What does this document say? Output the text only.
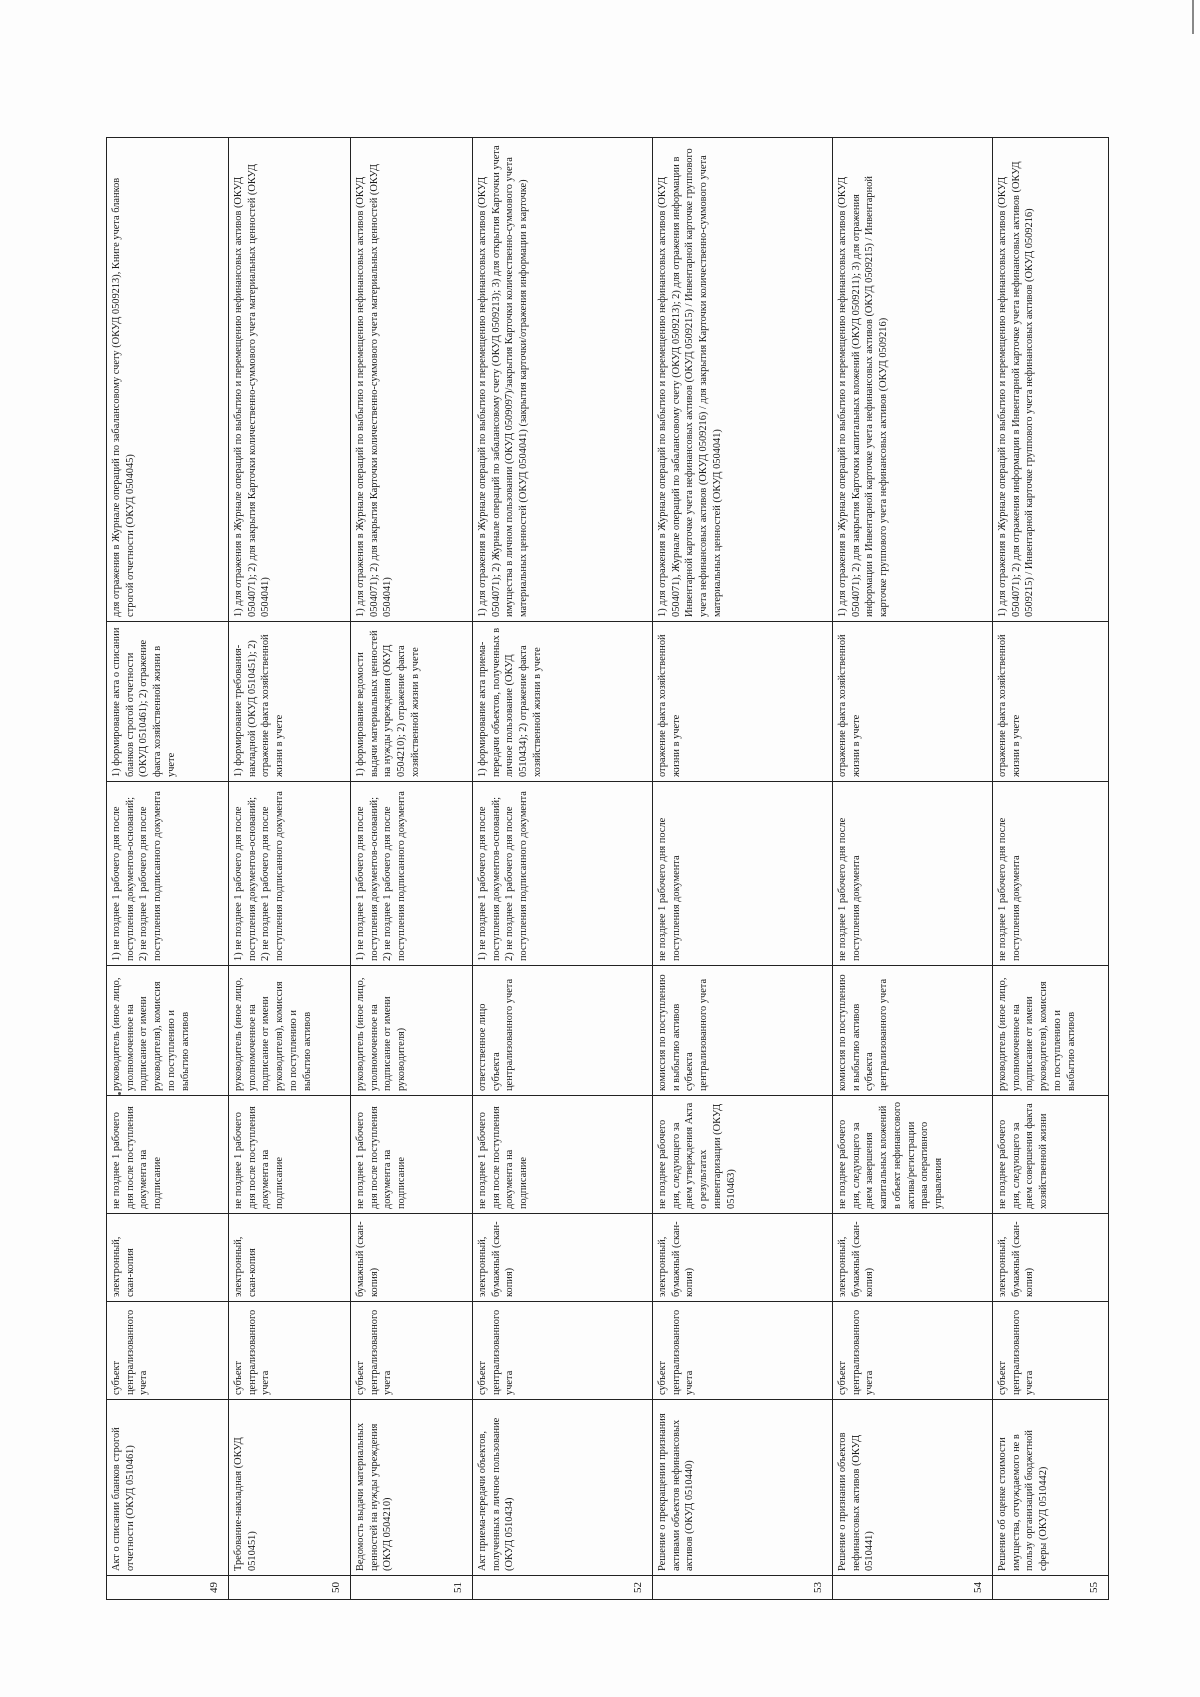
49	Акт о списании бланков строгой отчетности (ОКУД 0510461)	субъект централизованного учета	электронный, скан-копия	не позднее 1 рабочего дня после поступления документа на подписание	руководитель (иное лицо, уполномоченное на подписание от имени руководителя), комиссия по поступлению и выбытию активов	1) не позднее 1 рабочего дня после поступления документов-оснований; 2) не позднее 1 рабочего дня после поступления подписанного документа	1) формирование акта о списании бланков строгой отчетности (ОКУД 0510461); 2) отражение факта хозяйственной жизни в учете	для отражения в Журнале операций по забалансовому счету (ОКУД 0509213), Книге учета бланков строгой отчетности (ОКУД 0504045)
50	Требование-накладная (ОКУД 0510451)	субъект централизованного учета	электронный, скан-копия	не позднее 1 рабочего дня после поступления документа на подписание	руководитель (иное лицо, уполномоченное на подписание от имени руководителя), комиссия по поступлению и выбытию активов	1) не позднее 1 рабочего дня после поступления документов-оснований; 2) не позднее 1 рабочего дня после поступления подписанного документа	1) формирование требования-накладной (ОКУД 0510451); 2) отражение факта хозяйственной жизни в учете	1) для отражения в Журнале операций по выбытию и перемещению нефинансовых активов (ОКУД 0504071); 2) для закрытия Карточки количественно-суммового учета материальных ценностей (ОКУД 0504041)
51	Ведомость выдачи материальных ценностей на нужды учреждения (ОКУД 0504210)	субъект централизованного учета	бумажный (скан-копия)	не позднее 1 рабочего дня после поступления документа на подписание	руководитель (иное лицо, уполномоченное на подписание от имени руководителя)	1) не позднее 1 рабочего дня после поступления документов-оснований; 2) не позднее 1 рабочего дня после поступления подписанного документа	1) формирование ведомости выдачи материальных ценностей на нужды учреждения (ОКУД 0504210); 2) отражение факта хозяйственной жизни в учете	1) для отражения в Журнале операций по выбытию и перемещению нефинансовых активов (ОКУД 0504071); 2) для закрытия Карточки количественно-суммового учета материальных ценностей (ОКУД 0504041)
52	Акт приема-передачи объектов, полученных в личное пользование (ОКУД 0510434)	субъект централизованного учета	электронный, бумажный (скан-копия)	не позднее 1 рабочего дня после поступления документа на подписание	ответственное лицо субъекта централизованного учета	1) не позднее 1 рабочего дня после поступления документов-оснований; 2) не позднее 1 рабочего дня после поступления подписанного документа	1) формирование акта приема-передачи объектов, полученных в личное пользование (ОКУД 0510434); 2) отражение факта хозяйственной жизни в учете	1) для отражения в Журнале операций по выбытию и перемещению нефинансовых активов (ОКУД 0504071); 2) Журнале операций по забалансовому счету (ОКУД 0509213); 3) для открытия Карточки учета имущества в личном пользовании (ОКУД 0509097)/закрытия Карточки количественно-суммового учета материальных ценностей (ОКУД 0504041) (закрытия карточки/отражения информации в карточке)
53	Решение о прекращении признания активами объектов нефинансовых активов (ОКУД 0510440)	субъект централизованного учета	электронный, бумажный (скан-копия)	не позднее рабочего дня, следующего за днем утверждения Акта о результатах инвентаризации (ОКУД 0510463)	комиссия по поступлению и выбытию активов субъекта централизованного учета	не позднее 1 рабочего дня после поступления документа	отражение факта хозяйственной жизни в учете	1) для отражения в Журнале операций по выбытию и перемещению нефинансовых активов (ОКУД 0504071), Журнале операций по забалансовому счету (ОКУД 0509213); 2) для отражения информации в Инвентарной карточке учета нефинансовых активов (ОКУД 0509215) / Инвентарной карточке группового учета нефинансовых активов (ОКУД 0509216) / для закрытия Карточки количественно-суммового учета материальных ценностей (ОКУД 0504041)
54	Решение о признании объектов нефинансовых активов (ОКУД 0510441)	субъект централизованного учета	электронный, бумажный (скан-копия)	не позднее рабочего дня, следующего за днем завершения капитальных вложений в объект нефинансового актива/регистрации права оперативного управления	комиссия по поступлению и выбытию активов субъекта централизованного учета	не позднее 1 рабочего дня после поступления документа	отражение факта хозяйственной жизни в учете	1) для отражения в Журнале операций по выбытию и перемещению нефинансовых активов (ОКУД 0504071); 2) для закрытия Карточки капитальных вложений (ОКУД 0509211); 3) для отражения информации в Инвентарной карточке учета нефинансовых активов (ОКУД 0509215) / Инвентарной карточке группового учета нефинансовых активов (ОКУД 0509216)
55	Решение об оценке стоимости имущества, отчуждаемого не в пользу организаций бюджетной сферы (ОКУД 0510442)	субъект централизованного учета	электронный, бумажный (скан-копия)	не позднее рабочего дня, следующего за днем совершения факта хозяйственной жизни	руководитель (иное лицо, уполномоченное на подписание от имени руководителя), комиссия по поступлению и выбытию активов	не позднее 1 рабочего дня после поступления документа	отражение факта хозяйственной жизни в учете	1) для отражения в Журнале операций по выбытию и перемещению нефинансовых активов (ОКУД 0504071); 2) для отражения информации в Инвентарной карточке учета нефинансовых активов (ОКУД 0509215) / Инвентарной карточке группового учета нефинансовых активов (ОКУД 0509216)
